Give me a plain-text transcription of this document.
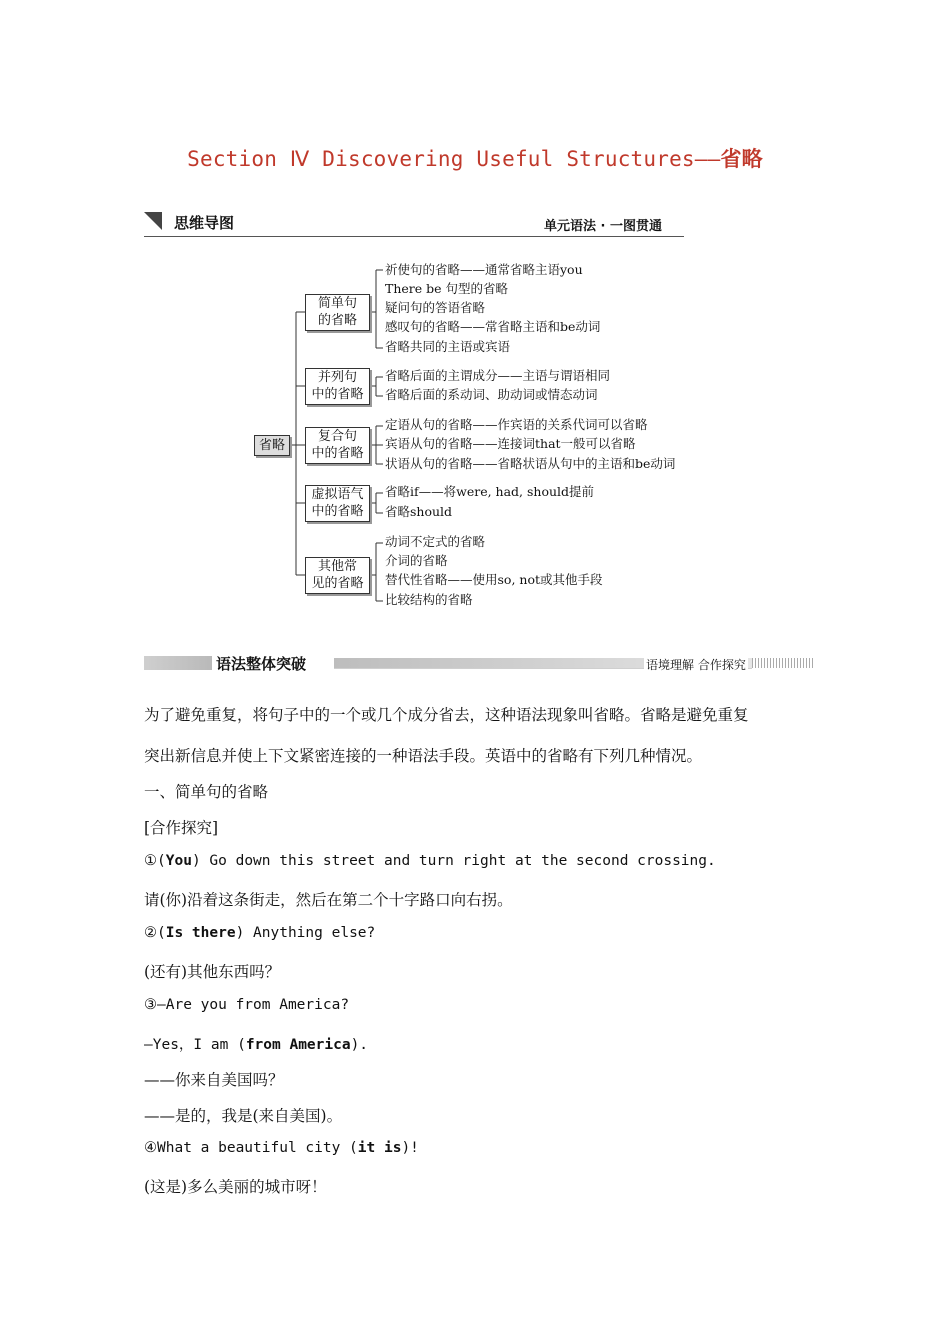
Section Ⅳ Discovering Useful Structures——省略
思维导图	单元语法 · 一图贯通
省略
简单句
的省略
祈使句的省略——通常省略主语you
There be 句型的省略
疑问句的答语省略
感叹句的省略——常省略主语和be动词
省略共同的主语或宾语
并列句
中的省略
省略后面的主谓成分——主语与谓语相同
省略后面的系动词、助动词或情态动词
复合句
中的省略
定语从句的省略——作宾语的关系代词可以省略
宾语从句的省略——连接词that一般可以省略
状语从句的省略——省略状语从句中的主语和be动词
虚拟语气
中的省略
省略if——将were, had, should提前
省略should
其他常
见的省略
动词不定式的省略
介词的省略
替代性省略——使用so, not或其他手段
比较结构的省略
语法整体突破	语境理解 合作探究
为了避免重复，将句子中的一个或几个成分省去，这种语法现象叫省略。省略是避免重复
突出新信息并使上下文紧密连接的一种语法手段。英语中的省略有下列几种情况。
一、简单句的省略
[合作探究]
①(You) Go down this street and turn right at the second crossing.
请(你)沿着这条街走，然后在第二个十字路口向右拐。
②(Is there) Anything else?
(还有)其他东西吗？
③—Are you from America?
—Yes，I am (from America).
——你来自美国吗？
——是的，我是(来自美国)。
④What a beautiful city (it is)!
(这是)多么美丽的城市呀！
